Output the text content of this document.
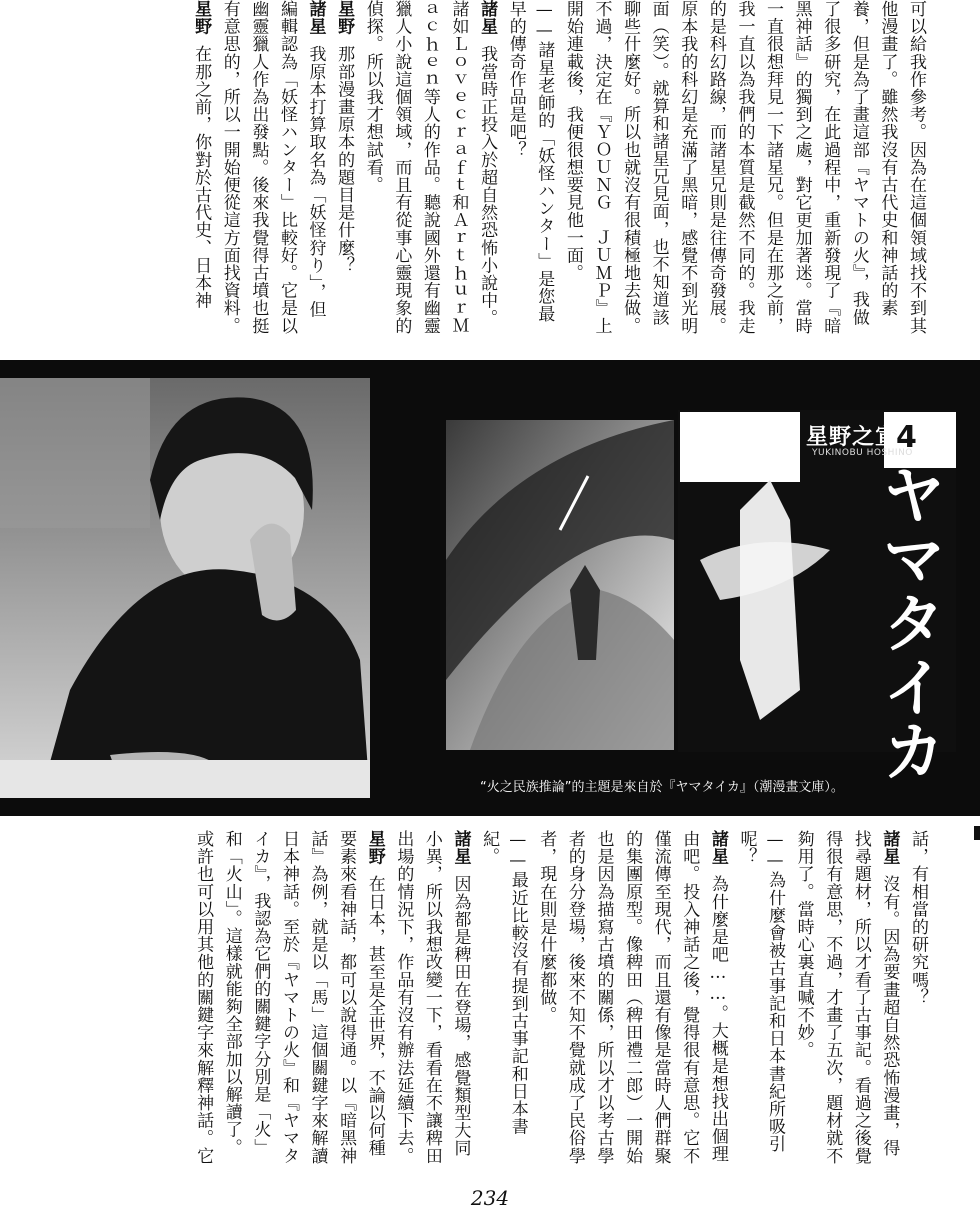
可以給我作參考。因為在這個領域找不到其
他漫畫了。雖然我沒有古代史和神話的素
養，但是為了畫這部『ヤマトの火』，我做
了很多研究，在此過程中，重新發現了『暗
黑神話』的獨到之處，對它更加著迷。當時
一直很想拜見一下諸星兄。但是在那之前，
我一直以為我們的本質是截然不同的。我走
的是科幻路線，而諸星兄則是往傳奇發展。
原本我的科幻是充滿了黑暗，感覺不到光明
面（笑）。就算和諸星兄見面，也不知道該
聊些什麼好。所以也就沒有很積極地去做。
不過，決定在『ＹＯＵＮＧ　ＪＵＭＰ』上
開始連載後，我便很想要見他一面。
——諸星老師的「妖怪ハンター」是您最
早的傳奇作品是吧？
諸星我當時正投入於超自然恐怖小說中。
諸如Ｌｏｖｅｃｒａｆｔ和ＡｒｔｈｕｒＭ
ａｃｈｅｎ等人的作品。聽說國外還有幽靈
獵人小說這個領域，而且有從事心靈現象的
偵探。所以我才想試看。
星野那部漫畫原本的題目是什麼？
諸星我原本打算取名為「妖怪狩り」，但
編輯認為「妖怪ハンター」比較好。它是以
幽靈獵人作為出發點。後來我覺得古墳也挺
有意思的，所以一開始便從這方面找資料。
星野在那之前，你對於古代史、日本神
星野之宣
YUKINOBU HOSHINO
4
ヤマタイカ
“火之民族推論”的主題是來自於『ヤマタイカ』（潮漫畫文庫）。
話，有相當的研究嗎？
諸星沒有。因為要畫超自然恐怖漫畫，得
找尋題材，所以才看了古事記。看過之後覺
得很有意思，不過，才畫了五次，題材就不
夠用了。當時心裏直喊不妙。
——為什麼會被古事記和日本書紀所吸引
呢？
諸星為什麼是吧……。大概是想找出個理
由吧。投入神話之後，覺得很有意思。它不
僅流傳至現代，而且還有像是當時人們群聚
的集團原型。像稗田（稗田禮二郎）一開始
也是因為描寫古墳的關係，所以才以考古學
者的身分登場，後來不知不覺就成了民俗學
者，現在則是什麼都做。
——最近比較沒有提到古事記和日本書
紀。
諸星因為都是稗田在登場，感覺類型大同
小異，所以我想改變一下，看看在不讓稗田
出場的情況下，作品有沒有辦法延續下去。
星野在日本，甚至是全世界，不論以何種
要素來看神話，都可以說得通。以『暗黑神
話』為例，就是以「馬」這個關鍵字來解讀
日本神話。至於『ヤマトの火』和『ヤマタ
イカ』，我認為它們的關鍵字分別是「火」
和「火山」。這樣就能夠全部加以解讀了。
或許也可以用其他的關鍵字來解釋神話。它
234
